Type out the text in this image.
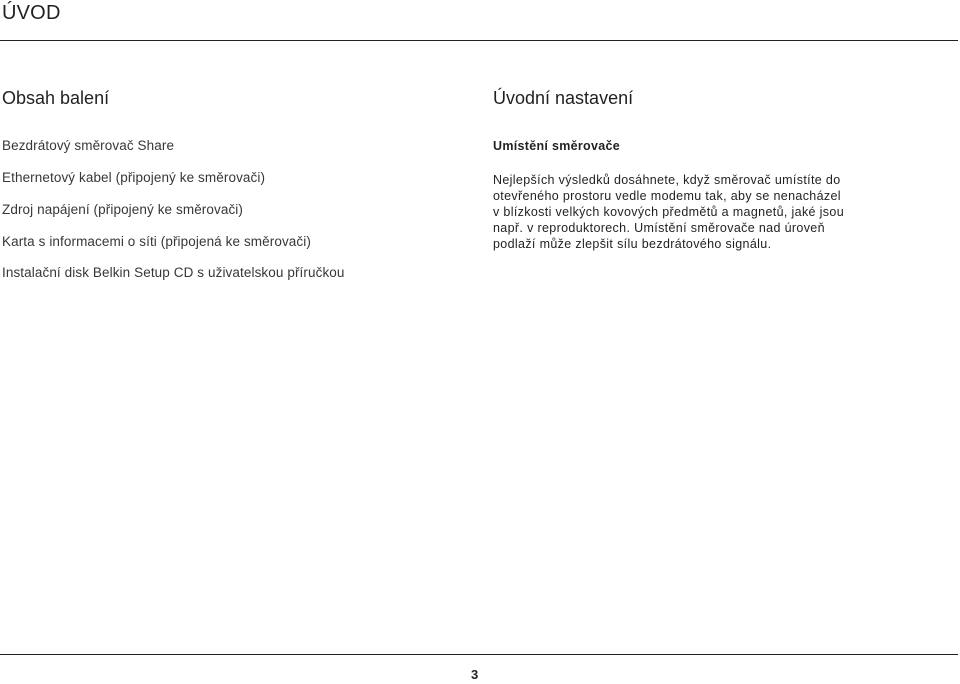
ÚVOD
Obsah balení	Úvodní nastavení
Bezdrátový směrovač Share
Ethernetový kabel (připojený ke směrovači)
Zdroj napájení (připojený ke směrovači)
Karta s informacemi o síti (připojená ke směrovači)
Instalační disk Belkin Setup CD s uživatelskou příručkou
Umístění směrovače
Nejlepších výsledků dosáhnete, když směrovač umístíte do
otevřeného prostoru vedle modemu tak, aby se nenacházel
v blízkosti velkých kovových předmětů a magnetů, jaké jsou
např. v reproduktorech. Umístění směrovače nad úroveň
podlaží může zlepšit sílu bezdrátového signálu.
3
